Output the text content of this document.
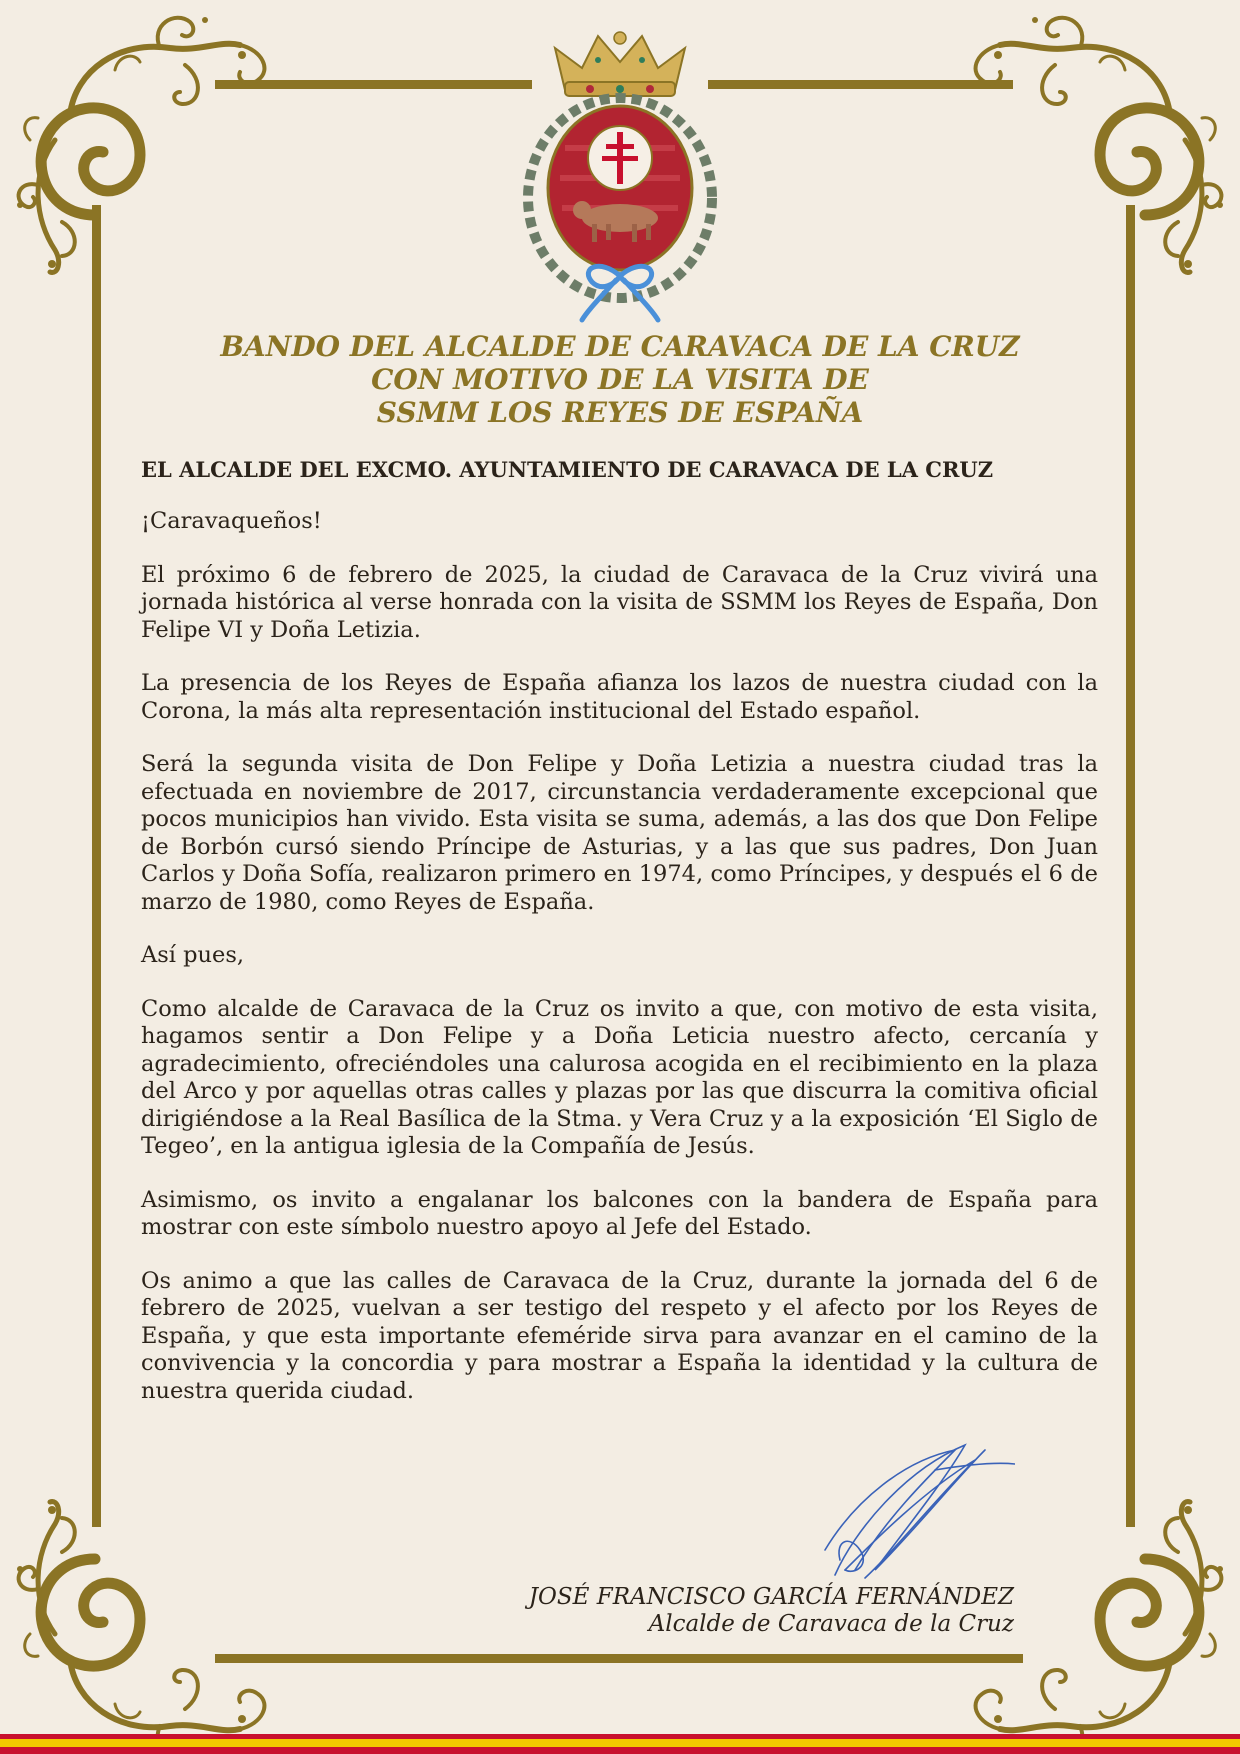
BANDO DEL ALCALDE DE CARAVACA DE LA CRUZ
CON MOTIVO DE LA VISITA DE
SSMM LOS REYES DE ESPAÑA
EL ALCALDE DEL EXCMO. AYUNTAMIENTO DE CARAVACA DE LA CRUZ

¡Caravaqueños!

El próximo 6 de febrero de 2025, la ciudad de Caravaca de la Cruz vivirá una jornada histórica al verse honrada con la visita de SSMM los Reyes de España, Don Felipe VI y Doña Letizia.

La presencia de los Reyes de España afianza los lazos de nuestra ciudad con la Corona, la más alta representación institucional del Estado español.

Será la segunda visita de Don Felipe y Doña Letizia a nuestra ciudad tras la efectuada en noviembre de 2017, circunstancia verdaderamente excepcional que pocos municipios han vivido. Esta visita se suma, además, a las dos que Don Felipe de Borbón cursó siendo Príncipe de Asturias, y a las que sus padres, Don Juan Carlos y Doña Sofía, realizaron primero en 1974, como Príncipes, y después el 6 de marzo de 1980, como Reyes de España.

Así pues,

Como alcalde de Caravaca de la Cruz os invito a que, con motivo de esta visita, hagamos sentir a Don Felipe y a Doña Leticia nuestro afecto, cercanía y agradecimiento, ofreciéndoles una calurosa acogida en el recibimiento en la plaza del Arco y por aquellas otras calles y plazas por las que discurra la comitiva oficial dirigiéndose a la Real Basílica de la Stma. y Vera Cruz y a la exposición ‘El Siglo de Tegeo’, en la antigua iglesia de la Compañía de Jesús.

Asimismo, os invito a engalanar los balcones con la bandera de España para mostrar con este símbolo nuestro apoyo al Jefe del Estado.

Os animo a que las calles de Caravaca de la Cruz, durante la jornada del 6 de febrero de 2025, vuelvan a ser testigo del respeto y el afecto por los Reyes de España, y que esta importante efeméride sirva para avanzar en el camino de la convivencia y la concordia y para mostrar a España la identidad y la cultura de nuestra querida ciudad.

JOSÉ FRANCISCO GARCÍA FERNÁNDEZ
Alcalde de Caravaca de la Cruz
